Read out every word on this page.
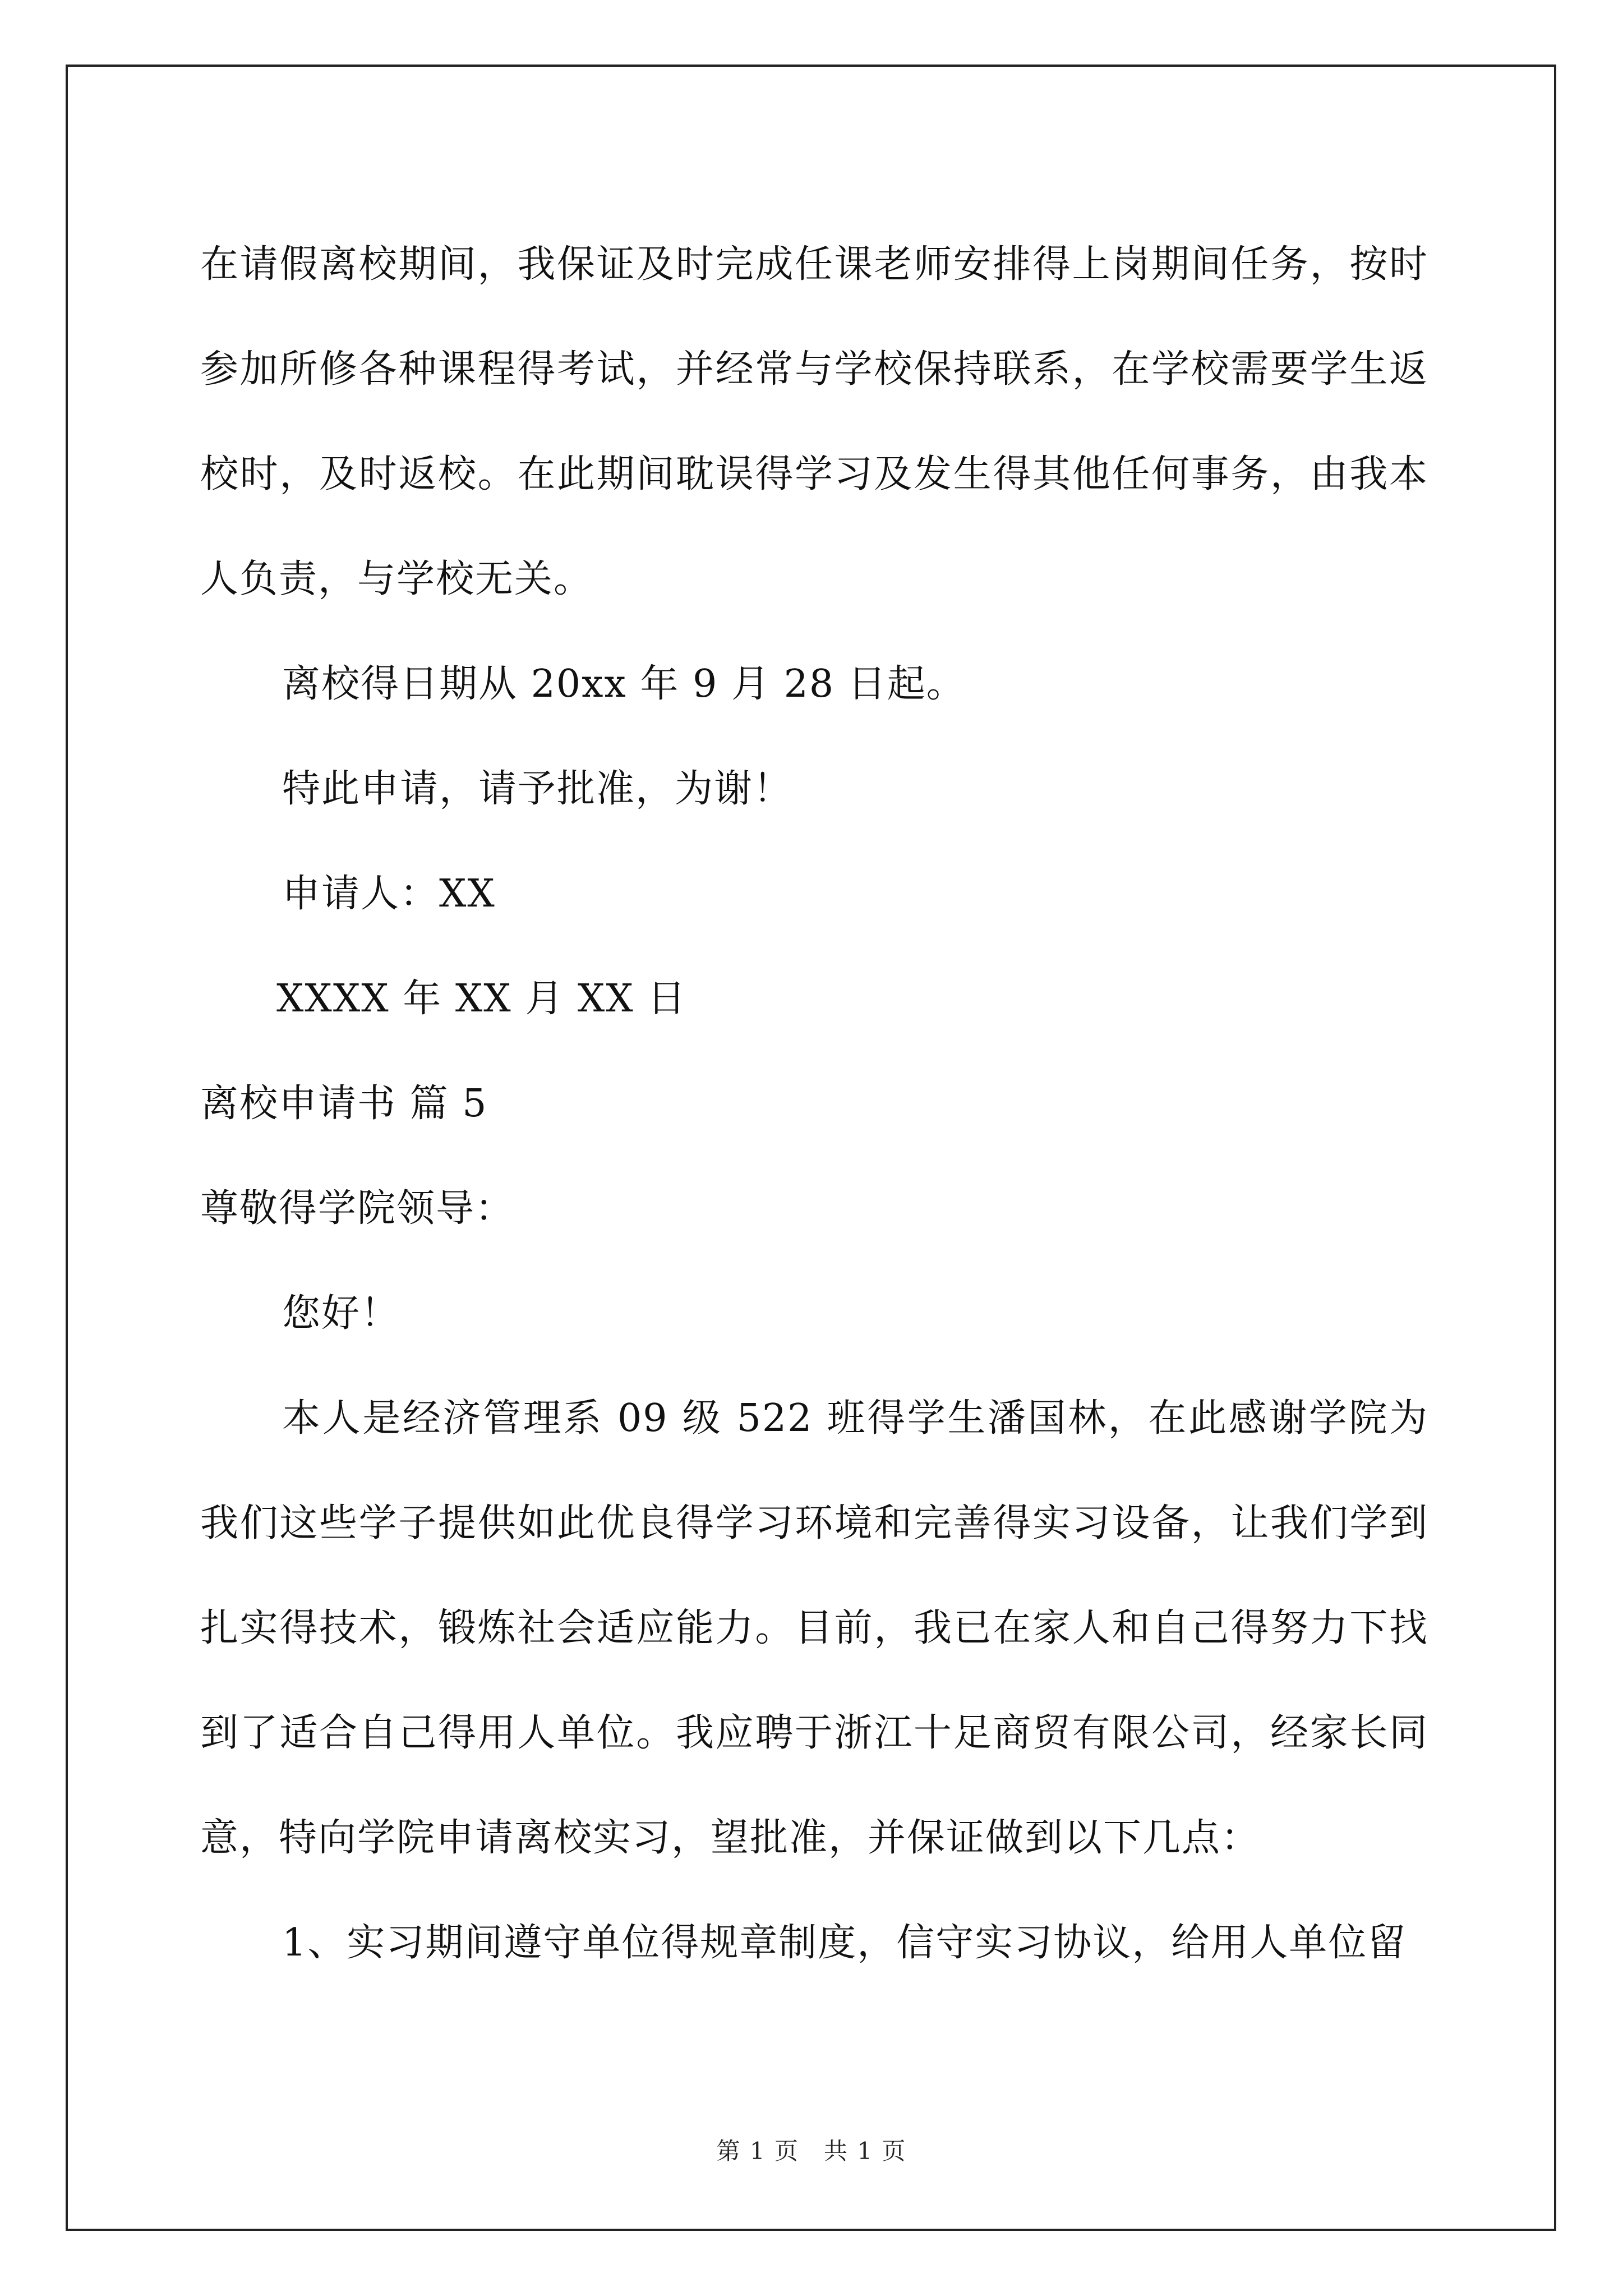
在请假离校期间，我保证及时完成任课老师安排得上岗期间任务，按时参加所修各种课程得考试，并经常与学校保持联系，在学校需要学生返校时，及时返校。在此期间耽误得学习及发生得其他任何事务，由我本人负责，与学校无关。

离校得日期从 20xx 年 9 月 28 日起。

特此申请，请予批准，为谢！

申请人：XX

XXXX 年 XX 月 XX 日

离校申请书 篇 5

尊敬得学院领导：

您好！

本人是经济管理系 09 级 522 班得学生潘国林，在此感谢学院为我们这些学子提供如此优良得学习环境和完善得实习设备，让我们学到扎实得技术，锻炼社会适应能力。目前，我已在家人和自己得努力下找到了适合自己得用人单位。我应聘于浙江十足商贸有限公司，经家长同意，特向学院申请离校实习，望批准，并保证做到以下几点：

1、实习期间遵守单位得规章制度，信守实习协议，给用人单位留

第 1 页　共 1 页
